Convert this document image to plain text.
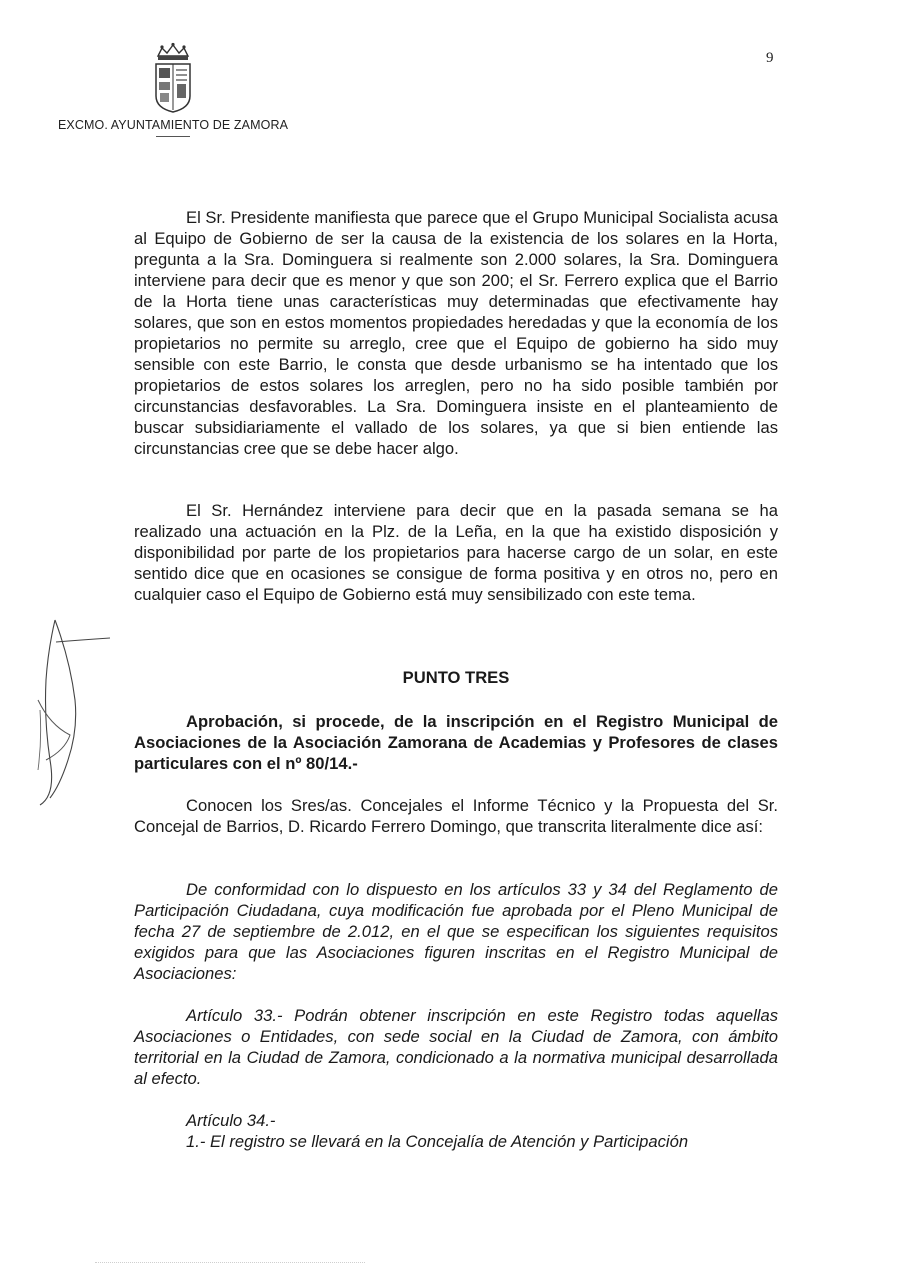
9
EXCMO. AYUNTAMIENTO DE ZAMORA

El Sr. Presidente manifiesta que parece que el Grupo Municipal Socialista acusa al Equipo de Gobierno de ser la causa de la existencia de los solares en la Horta, pregunta a la Sra. Dominguera si realmente son 2.000 solares, la Sra. Dominguera interviene para decir que es menor y que son 200; el Sr. Ferrero explica que el Barrio de la Horta tiene unas características muy determinadas que efectivamente hay solares, que son en estos momentos propiedades heredadas y que la economía de los propietarios no permite su arreglo, cree que el Equipo de gobierno ha sido muy sensible con este Barrio, le consta que desde urbanismo se ha intentado que los propietarios de estos solares los arreglen, pero no ha sido posible también por circunstancias desfavorables. La Sra. Dominguera insiste en el planteamiento de buscar subsidiariamente el vallado de los solares, ya que si bien entiende las circunstancias cree que se debe hacer algo.

El Sr. Hernández interviene para decir que en la pasada semana se ha realizado una actuación en la Plz. de la Leña, en la que ha existido disposición y disponibilidad por parte de los propietarios para hacerse cargo de un solar, en este sentido dice que en ocasiones se consigue de forma positiva y en otros no, pero en cualquier caso el Equipo de Gobierno está muy sensibilizado con este tema.

PUNTO TRES

Aprobación, si procede, de la inscripción en el Registro Municipal de Asociaciones de la Asociación Zamorana de Academias y Profesores de clases particulares con el nº 80/14.-

Conocen los Sres/as. Concejales el Informe Técnico y la Propuesta del Sr. Concejal de Barrios, D. Ricardo Ferrero Domingo, que transcrita literalmente dice así:

De conformidad con lo dispuesto en los artículos 33 y 34 del Reglamento de Participación Ciudadana, cuya modificación fue aprobada por el Pleno Municipal de fecha 27 de septiembre de 2.012, en el que se especifican los siguientes requisitos exigidos para que las Asociaciones figuren inscritas en el Registro Municipal de Asociaciones:

Artículo 33.- Podrán obtener inscripción en este Registro todas aquellas Asociaciones o Entidades, con sede social en la Ciudad de Zamora, con ámbito territorial en la Ciudad de Zamora, condicionado a la normativa municipal desarrollada al efecto.

Artículo 34.-

1.- El registro se llevará en la Concejalía de Atención y Participación
